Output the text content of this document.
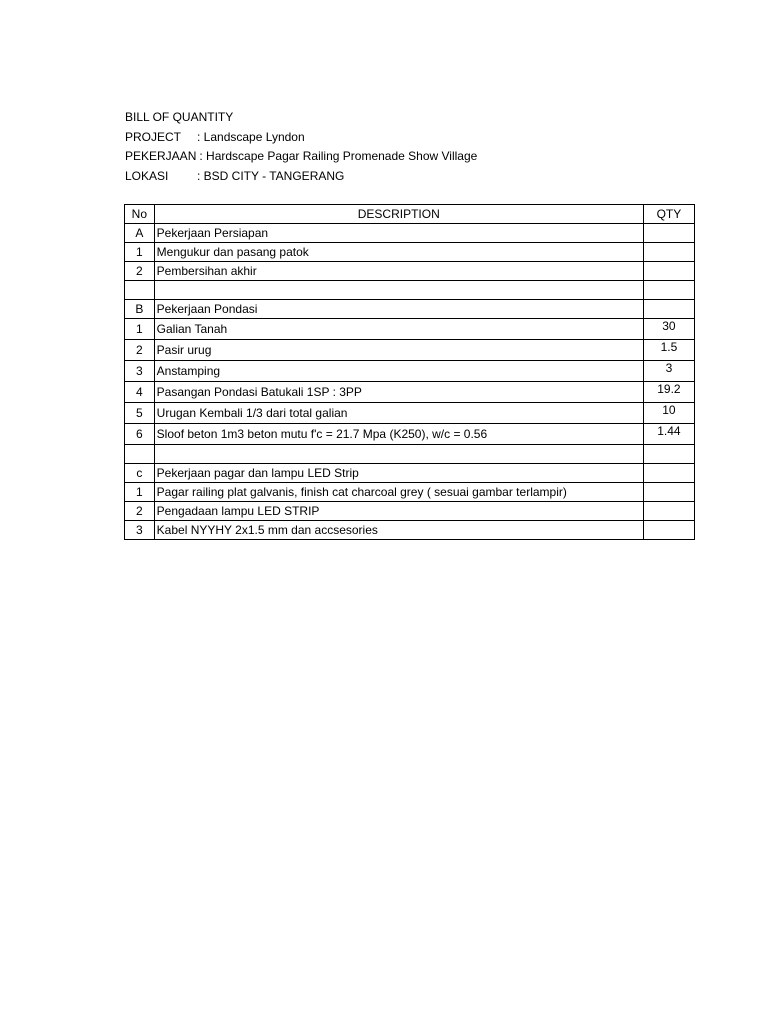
BILL OF QUANTITY
PROJECT	: Landscape Lyndon
PEKERJAAN : Hardscape Pagar Railing Promenade Show Village
LOKASI	: BSD CITY - TANGERANG
No	DESCRIPTION	QTY
A	Pekerjaan Persiapan	
1	Mengukur dan pasang patok	
2	Pembersihan akhir	

B	Pekerjaan Pondasi	
1	Galian Tanah	30
2	Pasir urug	1.5
3	Anstamping	3
4	Pasangan Pondasi Batukali 1SP : 3PP	19.2
5	Urugan Kembali 1/3 dari total galian	10
6	Sloof beton 1m3 beton mutu f'c = 21.7 Mpa (K250), w/c = 0.56	1.44

c	Pekerjaan pagar dan lampu LED Strip	
1	Pagar railing plat galvanis, finish cat charcoal grey ( sesuai gambar terlampir)	
2	Pengadaan lampu LED STRIP	
3	Kabel NYYHY 2x1.5 mm dan accsesories	
